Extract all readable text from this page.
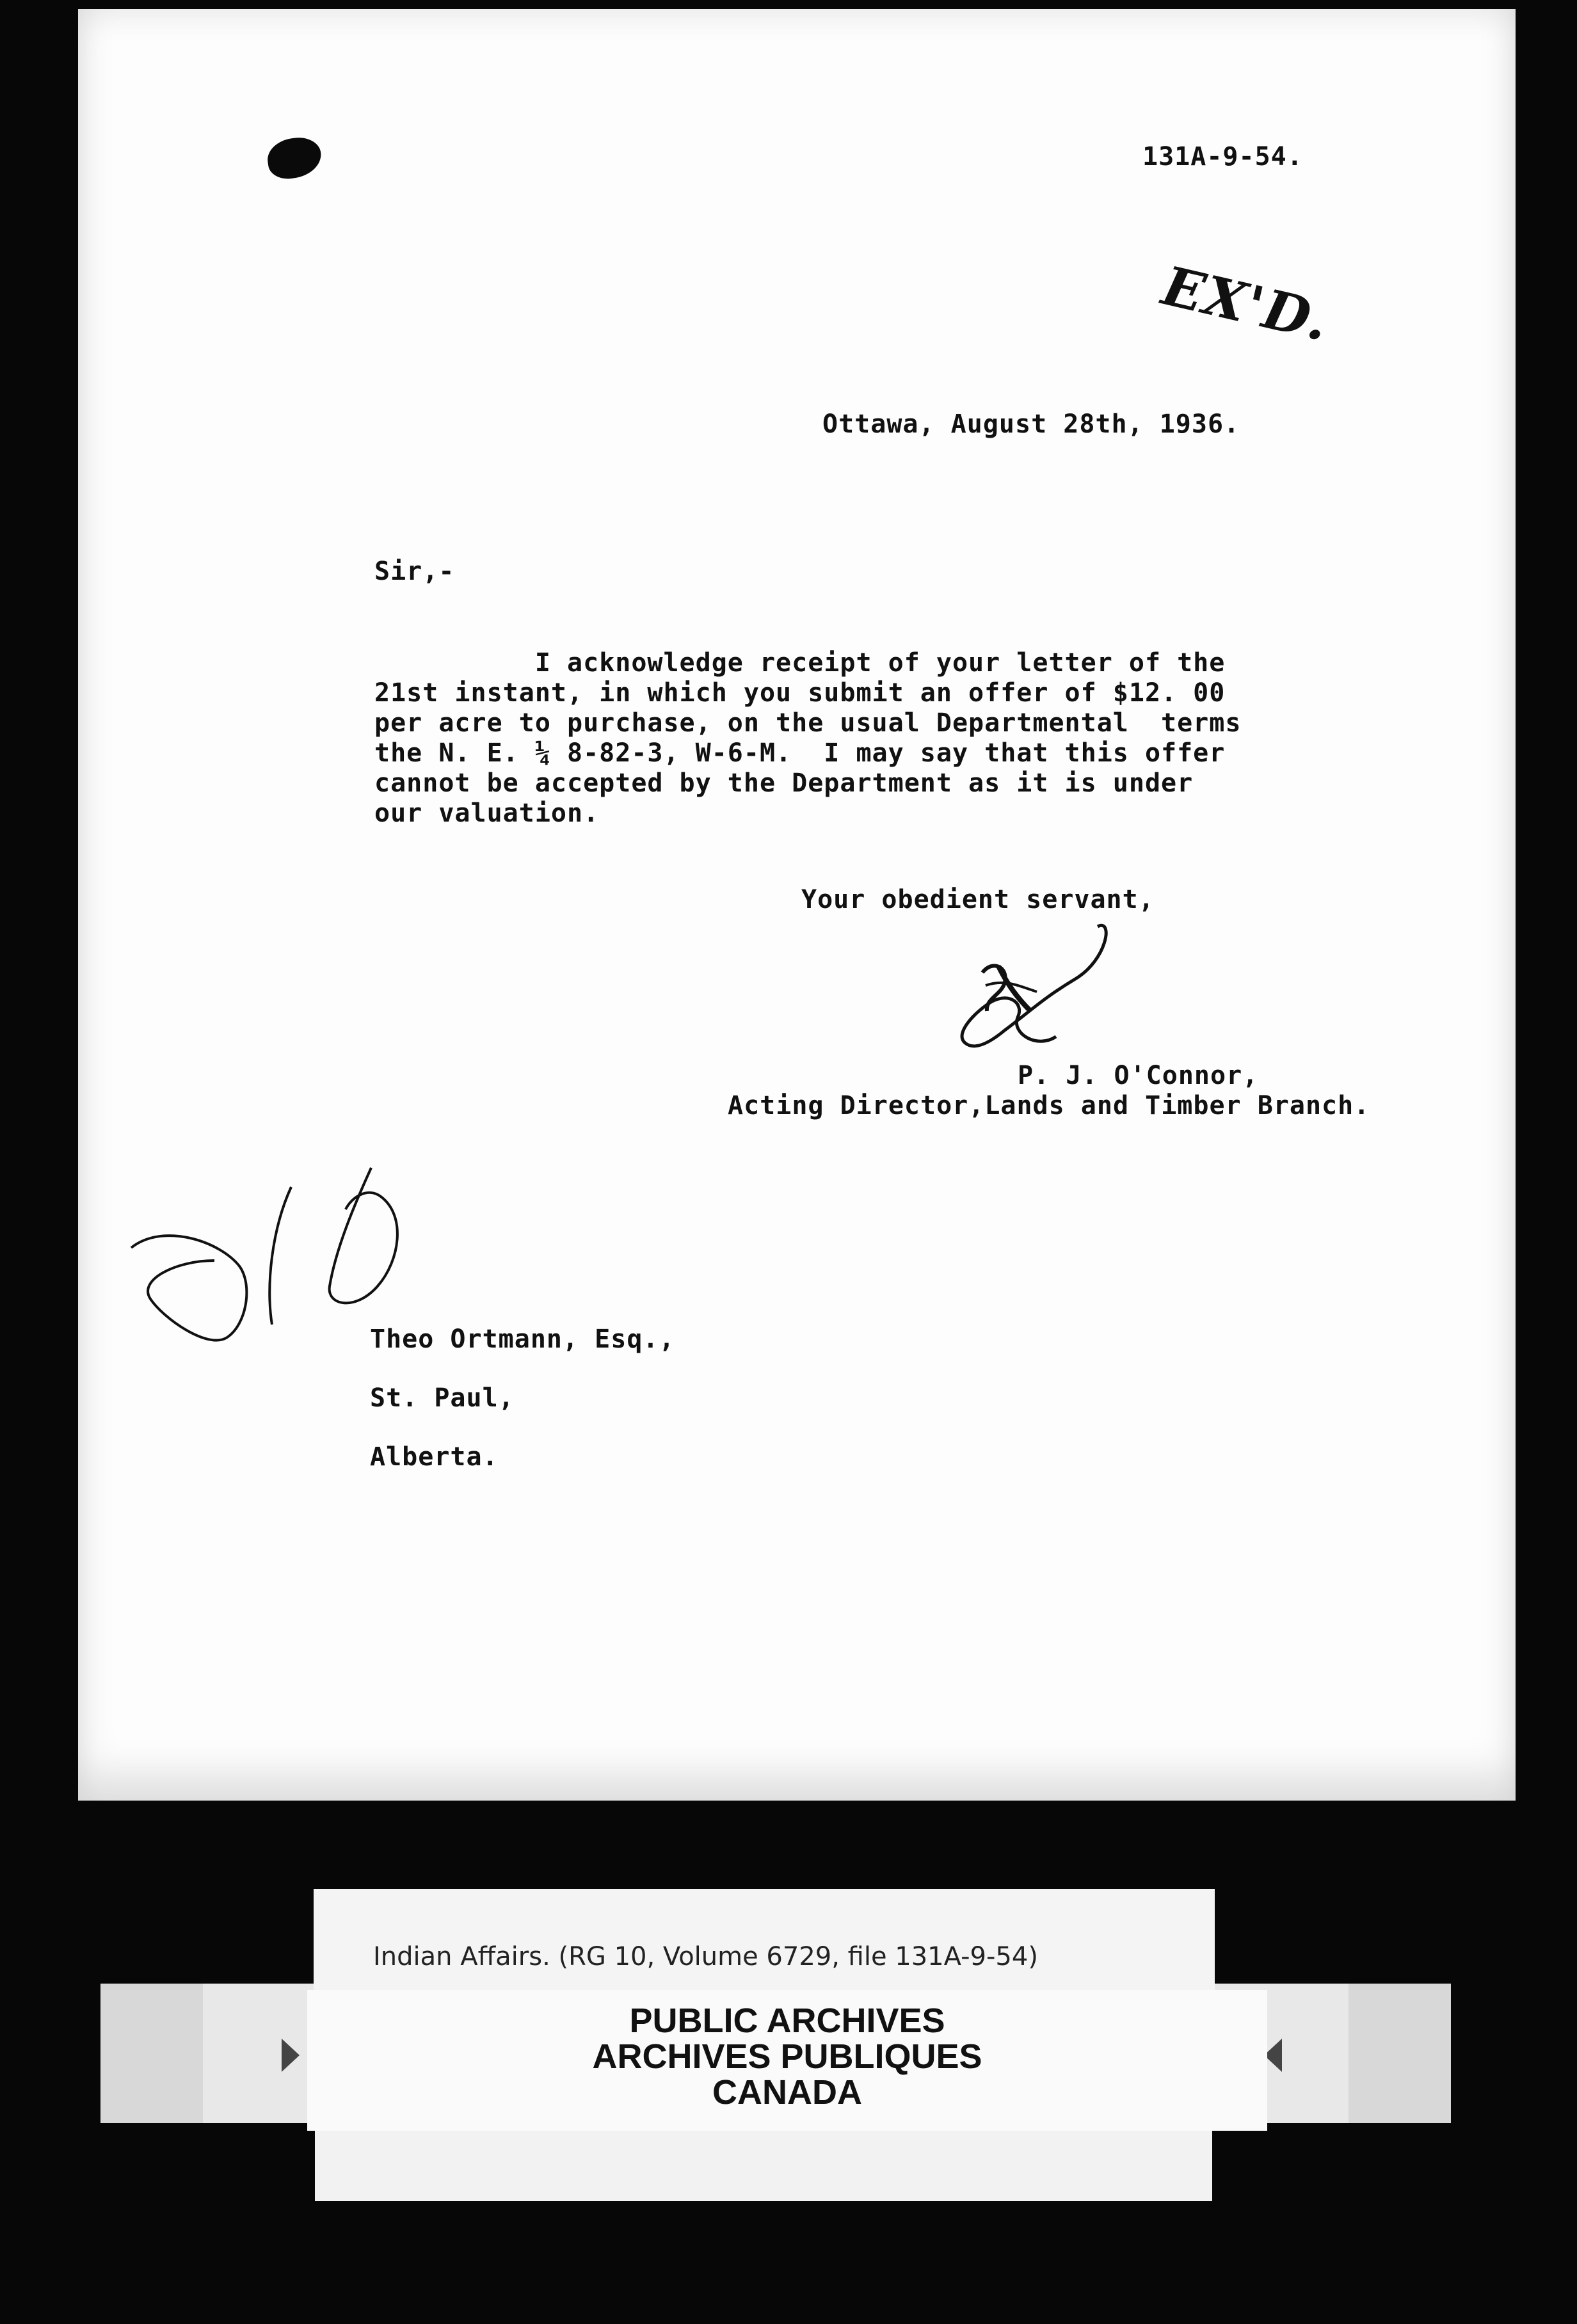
131A-9-54.
EX'D.
Ottawa, August 28th, 1936.
Sir,-
I acknowledge receipt of your letter of the
21st instant, in which you submit an offer of $12. 00
per acre to purchase, on the usual Departmental  terms
the N. E. ¼ 8-82-3, W-6-M.  I may say that this offer
cannot be accepted by the Department as it is under
our valuation.
Your obedient servant,
P. J. O'Connor,
Acting Director,Lands and Timber Branch.
Theo Ortmann, Esq.,
St. Paul,
Alberta.
Indian Affairs. (RG 10, Volume 6729, file 131A-9-54)
PUBLIC ARCHIVES
ARCHIVES PUBLIQUES
CANADA
